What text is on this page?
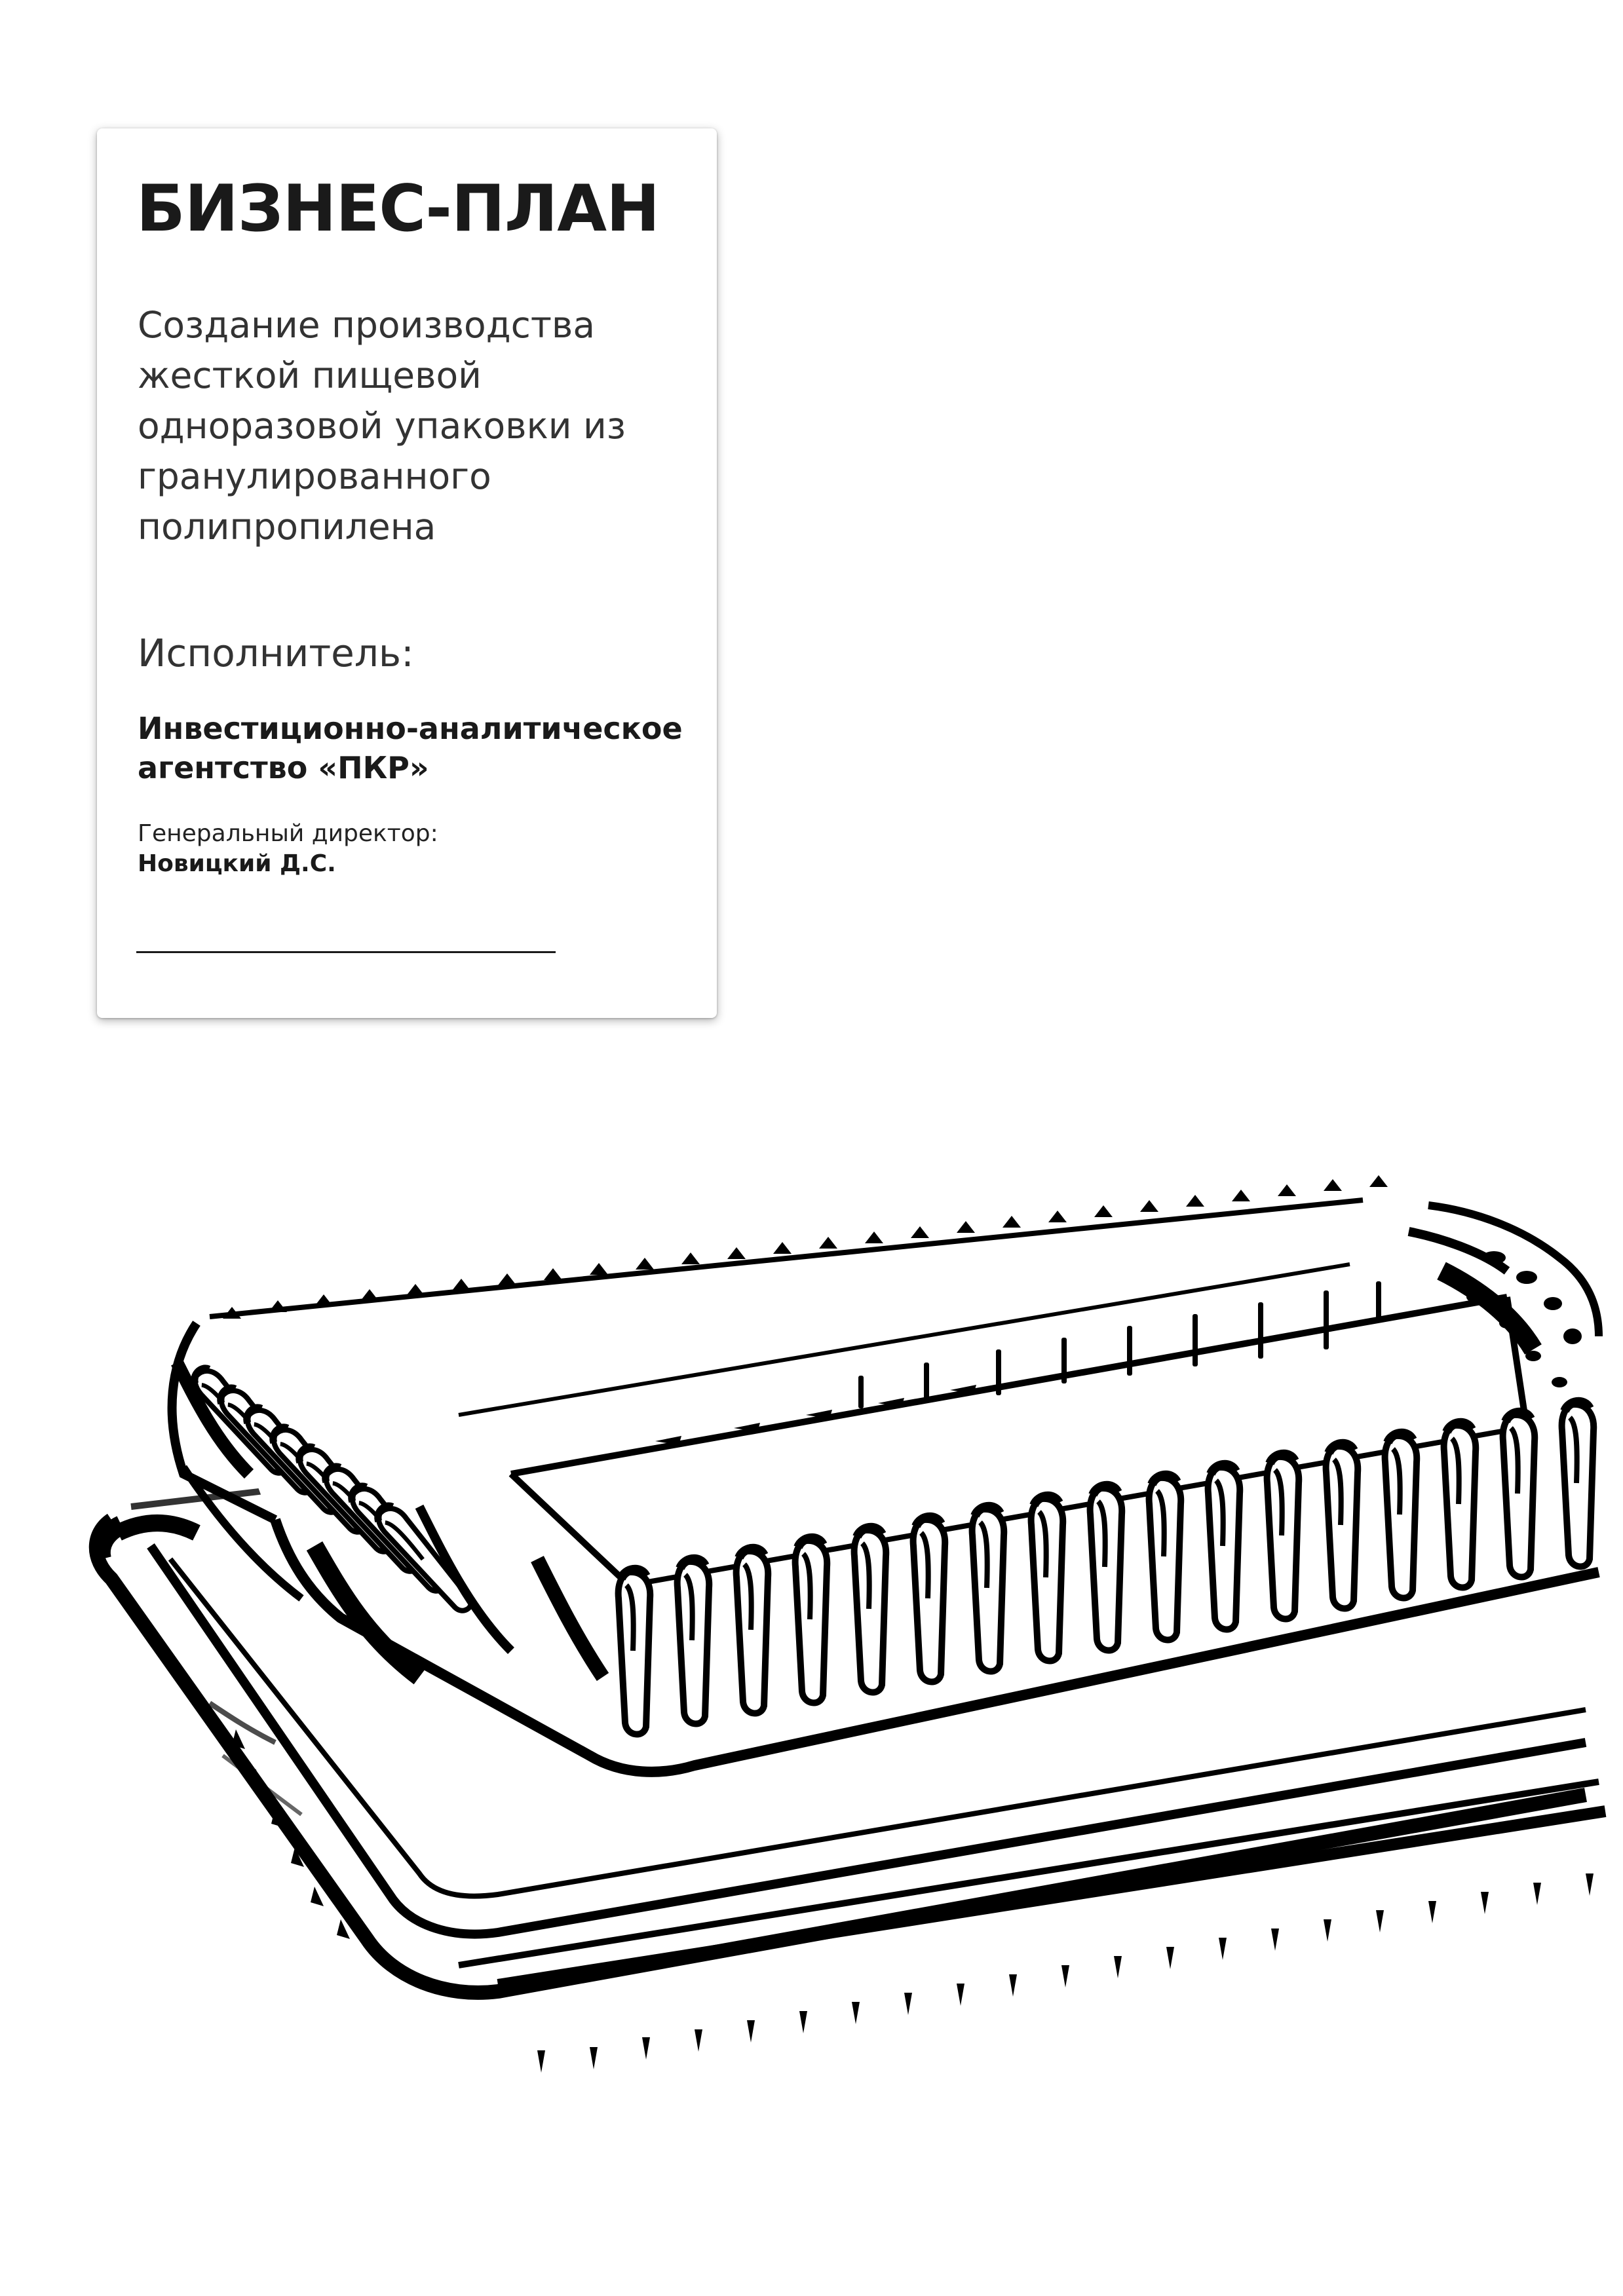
БИЗНЕС-ПЛАН
Создание производства
жесткой пищевой
одноразовой упаковки из
гранулированного
полипропилена
Исполнитель:
Инвестиционно-аналитическое
агентство «ПКР»
Генеральный директор:
Новицкий Д.С.
